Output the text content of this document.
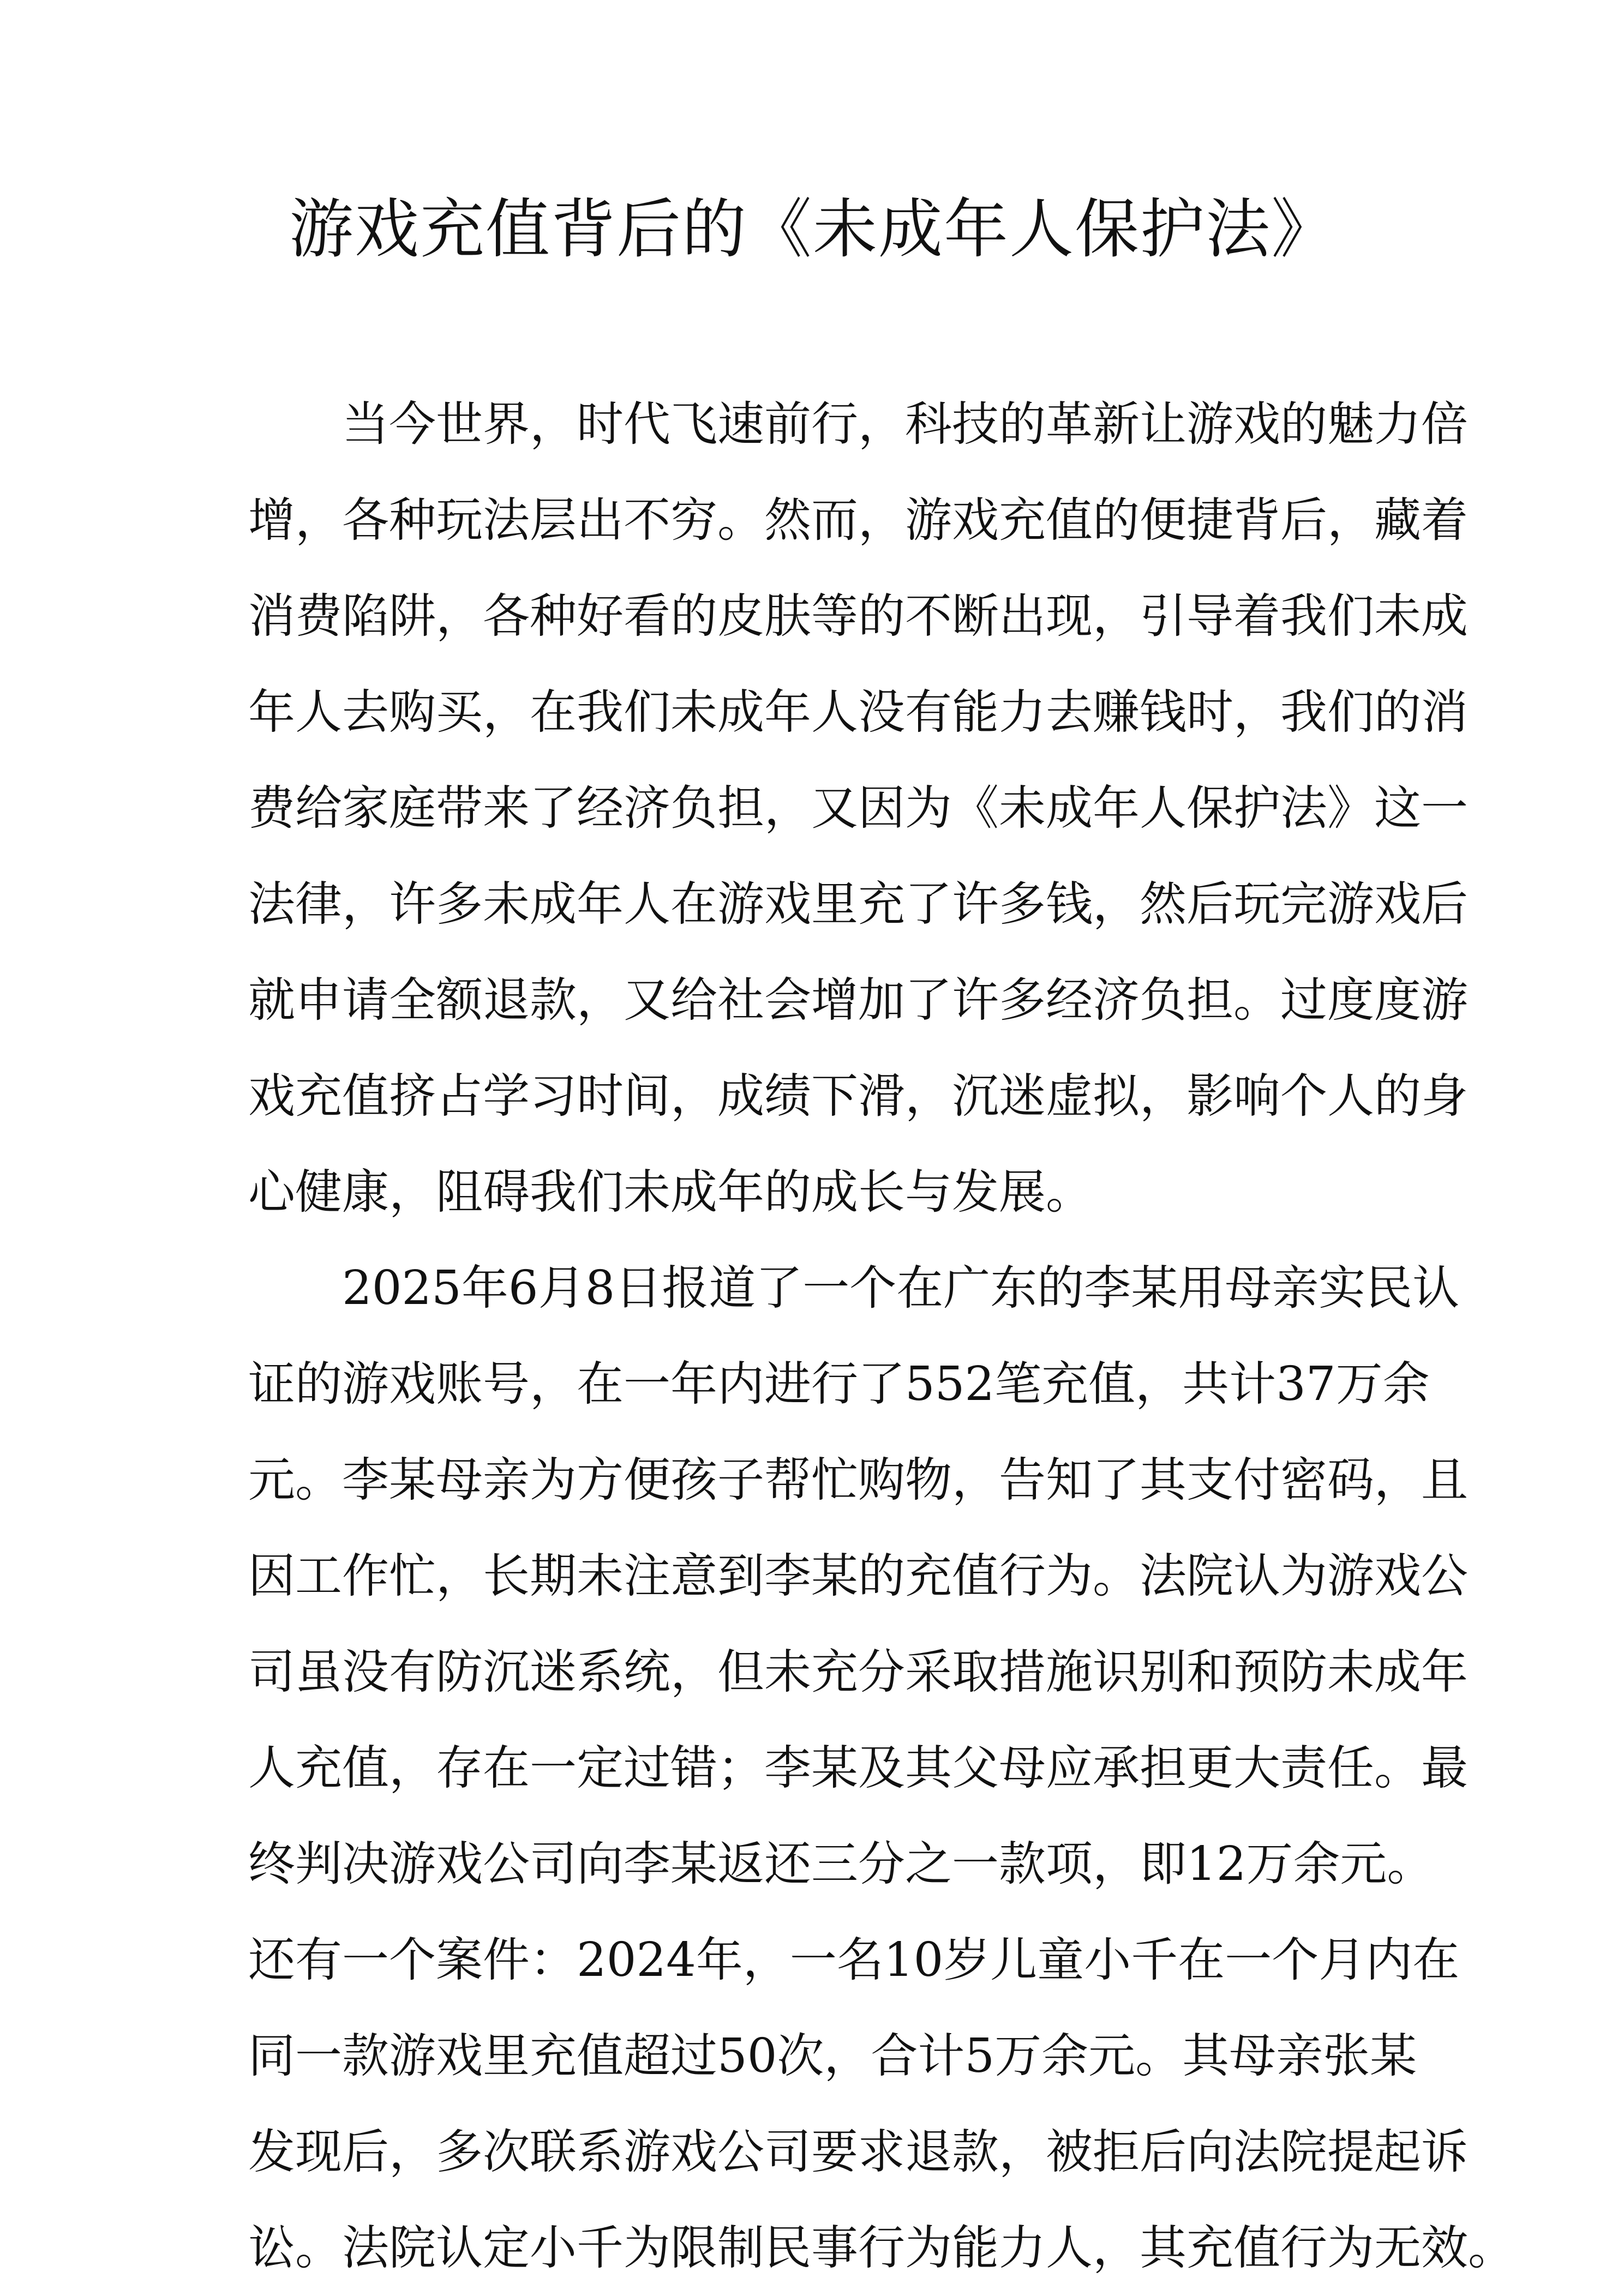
游戏充值背后的《未成年人保护法》
当今世界，时代飞速前行，科技的革新让游戏的魅力倍
增，各种玩法层出不穷。然而，游戏充值的便捷背后，藏着
消费陷阱，各种好看的皮肤等的不断出现，引导着我们未成
年人去购买，在我们未成年人没有能力去赚钱时，我们的消
费给家庭带来了经济负担，又因为《未成年人保护法》这一
法律，许多未成年人在游戏里充了许多钱，然后玩完游戏后
就申请全额退款，又给社会增加了许多经济负担。过度度游
戏充值挤占学习时间，成绩下滑，沉迷虚拟，影响个人的身
心健康，阻碍我们未成年的成长与发展。
2025年6月8日报道了一个在广东的李某用母亲实民认
证的游戏账号，在一年内进行了552笔充值，共计37万余
元。李某母亲为方便孩子帮忙购物，告知了其支付密码，且
因工作忙，长期未注意到李某的充值行为。法院认为游戏公
司虽没有防沉迷系统，但未充分采取措施识别和预防未成年
人充值，存在一定过错；李某及其父母应承担更大责任。最
终判决游戏公司向李某返还三分之一款项，即12万余元。
还有一个案件：2024年，一名10岁儿童小千在一个月内在
同一款游戏里充值超过50次，合计5万余元。其母亲张某
发现后，多次联系游戏公司要求退款，被拒后向法院提起诉
讼。法院认定小千为限制民事行为能力人，其充值行为无效。
